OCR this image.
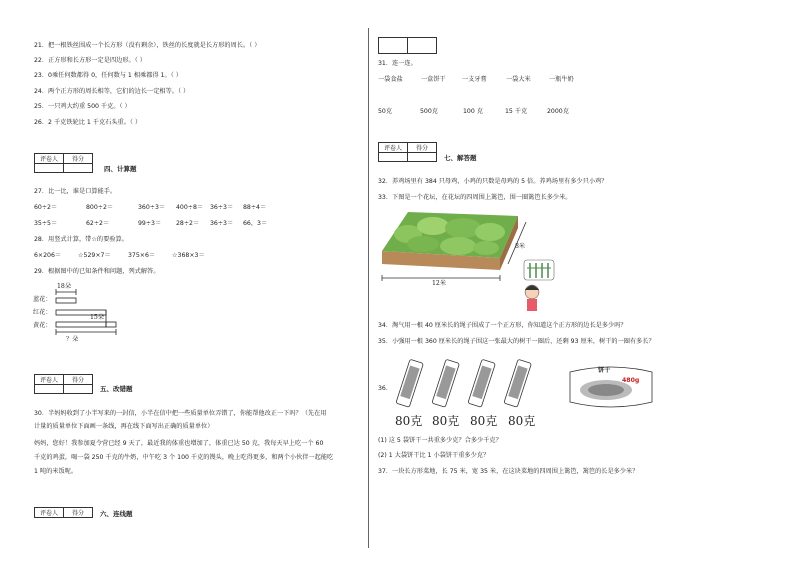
21．把一根铁丝围成一个长方形（没有剩余），铁丝的长度就是长方形的周长。（ ）
22．正方形和长方形一定是四边形。（ ）
23．0乘任何数都得 0，任何数与 1 相乘都得 1。（ ）
24．两个正方形的周长相等，它们的边长一定相等。（ ）
25．一只鸡大约重 500 千克。（ ）
26．2 千克铁轮比 1 千克石头重。（ ）
评卷人	得分

四、计算题
27．比一比，谁是口算能手。
60÷2＝	800÷2＝	360÷3＝ 400÷8＝ 36÷3＝ 88÷4＝
35÷5＝	62÷2＝	99÷3＝ 28÷2＝ 36÷3＝ 66，3＝
28．用竖式计算，带☆的要验算。
6×206＝	☆529×7＝	375×6＝	☆368×3＝
29．根据图中的已知条件和问题，列式解答。
18朵
蓝花：
红花：
黄花：
15朵
？朵
评卷人	得分

五、改错题
30．半妈妈收到了小半写来的一封信，小半在信中把一些质量单位弄错了，你能帮他改正一下吗？（先在用
计量的质量单位下面画一条线，再在线下面写出正确的质量单位）
妈妈，您好！我参加夏令营已经 9 天了，最近我的体重也增加了，体重已达 50 克，我每天早上吃一个 60
千克的鸡蛋，喝一袋 250 千克的牛奶，中午吃 3 个 100 千克的馒头，晚上吃得更多，和两个小伙伴一起能吃
1 吨的米饭呢。
评卷人	得分 六、连线题

31．连一连。
一袋食盐	一盒饼干	一支牙膏	一袋大米	一瓶牛奶
50克	500克	100 克	15 千克	2000克
评卷人	得分

七、解答题
32．养鸡场里有 384 只母鸡，小鸡的只数是母鸡的 5 倍。养鸡场里有多少只小鸡？
33．下图是一个花坛，在花坛的四周围上篱笆，围一圈篱笆长多少米。
8米
12米
34．淘气用一根 40 厘米长的绳子围成了一个正方形，你知道这个正方形的边长是多少吗？
35．小强用一根 360 厘米长的绳子围这一张最大的树干一圈后，还剩 93 厘米，树干的一圈有多长？
36．
80克 80克 80克 80克
饼干
480g
(1) 这 5 袋饼干一共重多少克？合多少千克？
(2) 1 大袋饼干比 1 小袋饼干重多少克？
37．一块长方形菜地，长 75 米，宽 35 米，在这块菜地的四周围上篱笆，篱笆的长是多少米？
